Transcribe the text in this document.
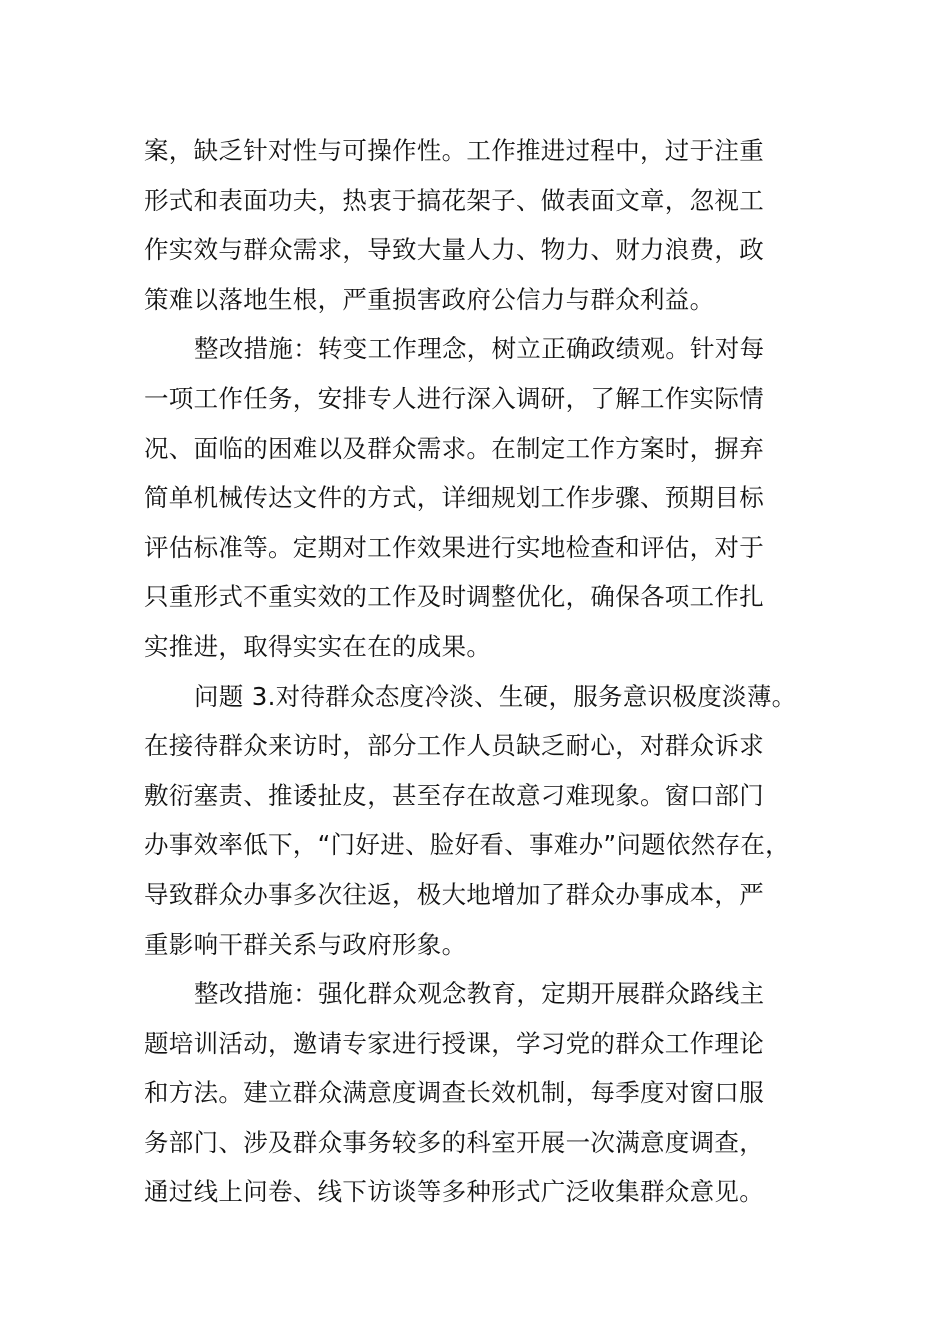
案，缺乏针对性与可操作性。工作推进过程中，过于注重
形式和表面功夫，热衷于搞花架子、做表面文章，忽视工
作实效与群众需求，导致大量人力、物力、财力浪费，政
策难以落地生根，严重损害政府公信力与群众利益。

整改措施：转变工作理念，树立正确政绩观。针对每
一项工作任务，安排专人进行深入调研，了解工作实际情
况、面临的困难以及群众需求。在制定工作方案时，摒弃
简单机械传达文件的方式，详细规划工作步骤、预期目标
评估标准等。定期对工作效果进行实地检查和评估，对于
只重形式不重实效的工作及时调整优化，确保各项工作扎
实推进，取得实实在在的成果。

问题 3.对待群众态度冷淡、生硬，服务意识极度淡薄。
在接待群众来访时，部分工作人员缺乏耐心，对群众诉求
敷衍塞责、推诿扯皮，甚至存在故意刁难现象。窗口部门
办事效率低下，“门好进、脸好看、事难办”问题依然存在，
导致群众办事多次往返，极大地增加了群众办事成本，严
重影响干群关系与政府形象。

整改措施：强化群众观念教育，定期开展群众路线主
题培训活动，邀请专家进行授课，学习党的群众工作理论
和方法。建立群众满意度调查长效机制，每季度对窗口服
务部门、涉及群众事务较多的科室开展一次满意度调查，
通过线上问卷、线下访谈等多种形式广泛收集群众意见。
